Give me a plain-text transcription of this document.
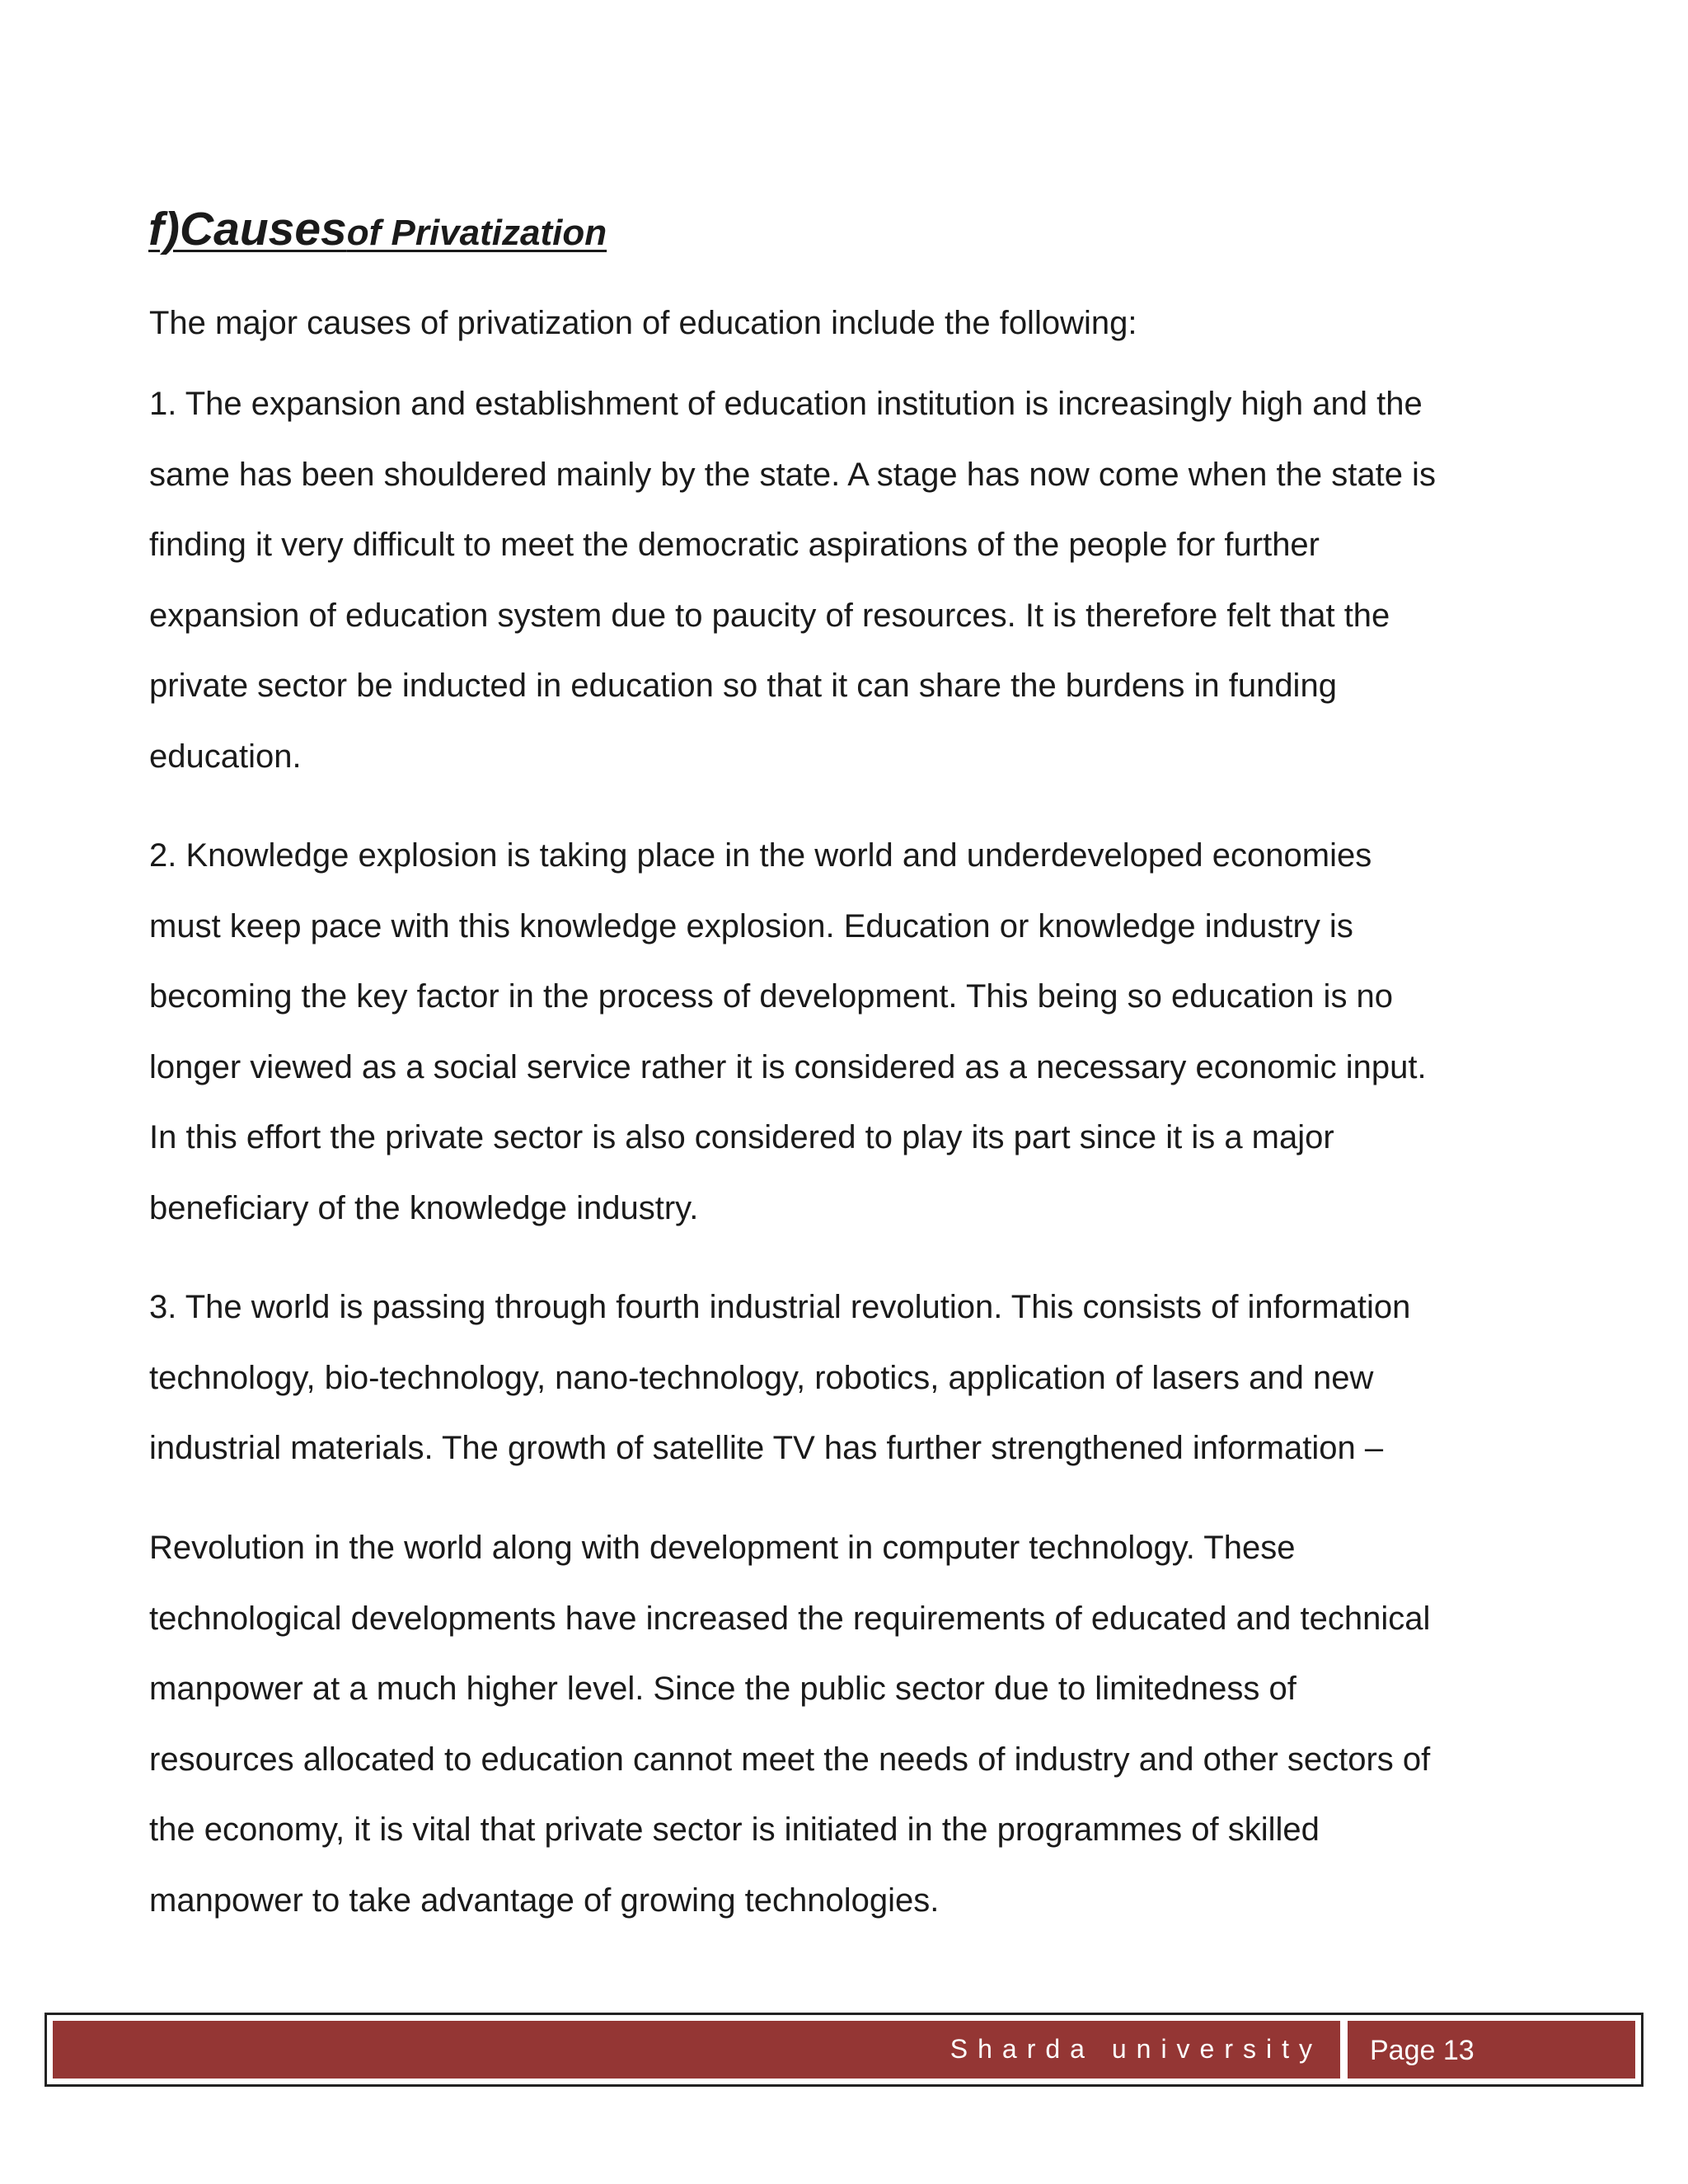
f)Causesof Privatization

The major causes of privatization of education include the following:

1. The expansion and establishment of education institution is increasingly high and the
same has been shouldered mainly by the state. A stage has now come when the state is
finding it very difficult to meet the democratic aspirations of the people for further
expansion of education system due to paucity of resources. It is therefore felt that the
private sector be inducted in education so that it can share the burdens in funding
education.

2. Knowledge explosion is taking place in the world and underdeveloped economies
must keep pace with this knowledge explosion. Education or knowledge industry is
becoming the key factor in the process of development. This being so education is no
longer viewed as a social service rather it is considered as a necessary economic input.
In this effort the private sector is also considered to play its part since it is a major
beneficiary of the knowledge industry.

3. The world is passing through fourth industrial revolution. This consists of information
technology, bio-technology, nano-technology, robotics, application of lasers and new
industrial materials. The growth of satellite TV has further strengthened information –

Revolution in the world along with development in computer technology. These
technological developments have increased the requirements of educated and technical
manpower at a much higher level. Since the public sector due to limitedness of
resources allocated to education cannot meet the needs of industry and other sectors of
the economy, it is vital that private sector is initiated in the programmes of skilled
manpower to take advantage of growing technologies.

Sharda university Page 13
